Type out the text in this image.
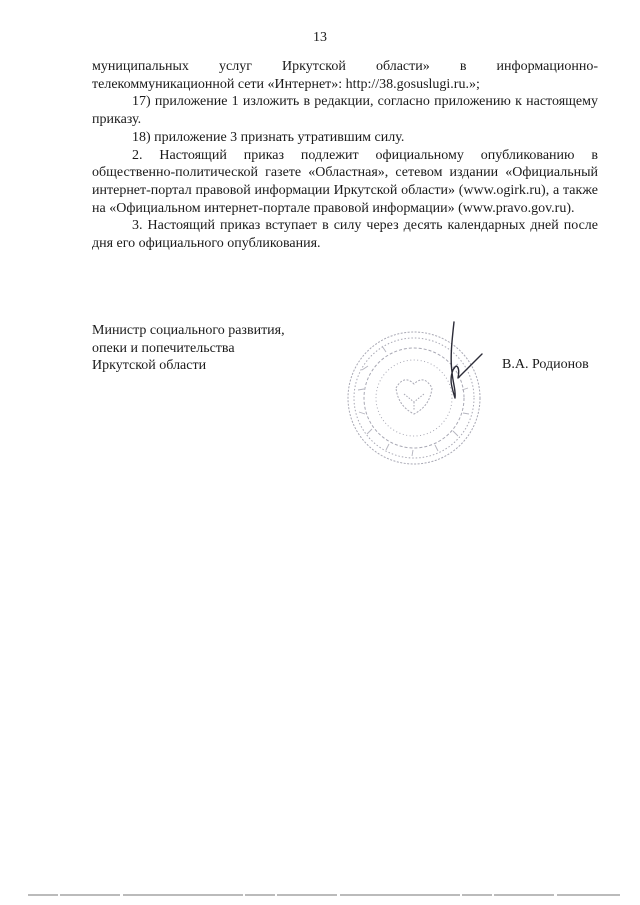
13

муниципальных услуг Иркутской области» в информационно-телекоммуникационной сети «Интернет»: http://38.gosuslugi.ru.»;

17) приложение 1 изложить в редакции, согласно приложению к настоящему приказу.

18) приложение 3 признать утратившим силу.

2. Настоящий приказ подлежит официальному опубликованию в общественно-политической газете «Областная», сетевом издании «Официальный интернет-портал правовой информации Иркутской области» (www.ogirk.ru), а также на «Официальном интернет-портале правовой информации» (www.pravo.gov.ru).

3. Настоящий приказ вступает в силу через десять календарных дней после дня его официального опубликования.

Министр социального развития,
опеки и попечительства
Иркутской области	В.А. Родионов
